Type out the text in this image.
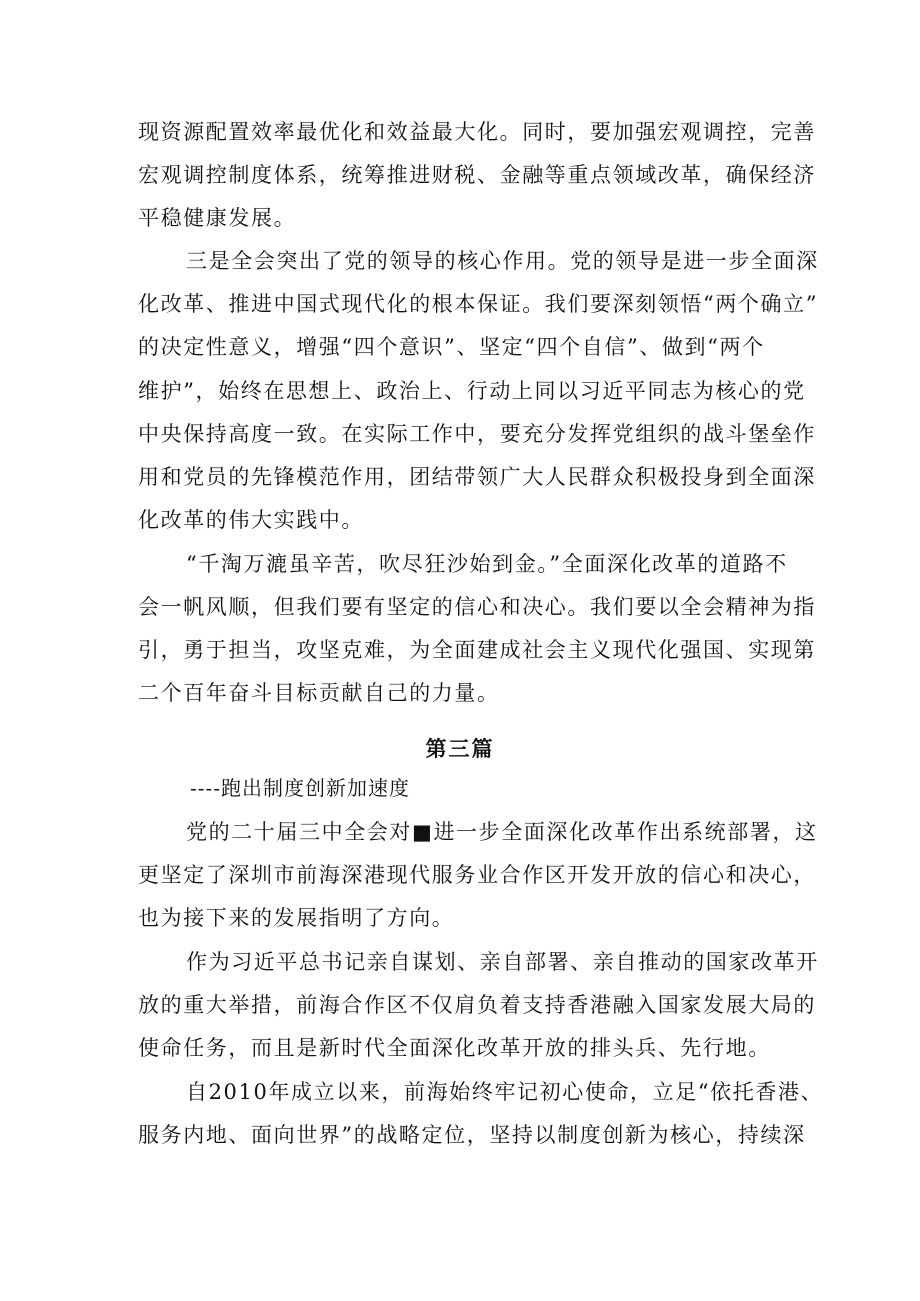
现资源配置效率最优化和效益最大化。同时，要加强宏观调控，完善
宏观调控制度体系，统筹推进财税、金融等重点领域改革，确保经济
平稳健康发展。
三是全会突出了党的领导的核心作用。党的领导是进一步全面深
化改革、推进中国式现代化的根本保证。我们要深刻领悟“两个确立”
的决定性意义，增强“四个意识”、坚定“四个自信”、做到“两个
维护”，始终在思想上、政治上、行动上同以习近平同志为核心的党
中央保持高度一致。在实际工作中，要充分发挥党组织的战斗堡垒作
用和党员的先锋模范作用，团结带领广大人民群众积极投身到全面深
化改革的伟大实践中。
“千淘万漉虽辛苦，吹尽狂沙始到金。”全面深化改革的道路不
会一帆风顺，但我们要有坚定的信心和决心。我们要以全会精神为指
引，勇于担当，攻坚克难，为全面建成社会主义现代化强国、实现第
二个百年奋斗目标贡献自己的力量。
第三篇
----跑出制度创新加速度
党的二十届三中全会对■进一步全面深化改革作出系统部署，这
更坚定了深圳市前海深港现代服务业合作区开发开放的信心和决心，
也为接下来的发展指明了方向。
作为习近平总书记亲自谋划、亲自部署、亲自推动的国家改革开
放的重大举措，前海合作区不仅肩负着支持香港融入国家发展大局的
使命任务，而且是新时代全面深化改革开放的排头兵、先行地。
自2010年成立以来，前海始终牢记初心使命，立足“依托香港、
服务内地、面向世界”的战略定位，坚持以制度创新为核心，持续深
